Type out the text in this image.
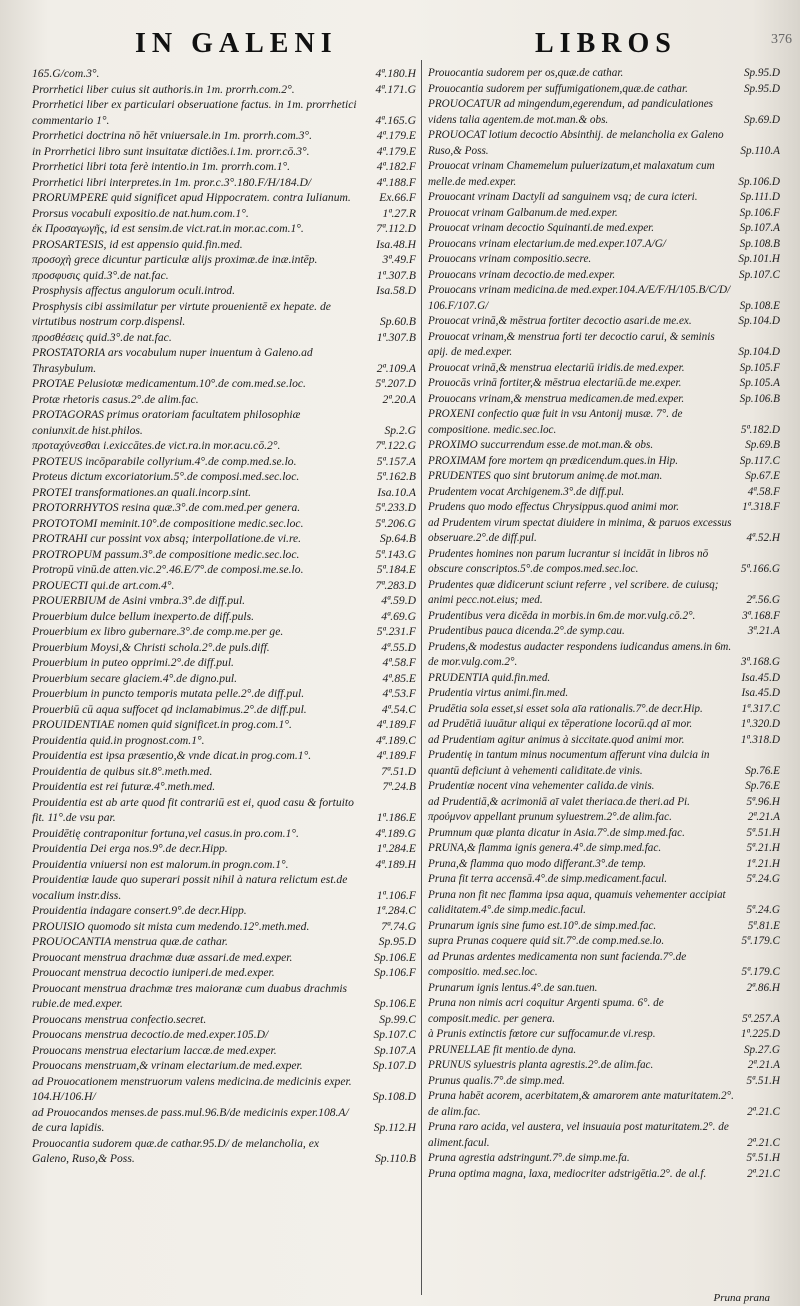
IN GALENI	LIBROS	376
165.G/com.3°.	4ª.180.H
Prorrhetici liber cuius sit authoris.in 1m. prorrh.com.2°.	4ª.171.G
Prorrhetici liber ex particulari obseruatione factus. in 1m. prorrhetici commentario 1°.	4ª.165.G
Prorrhetici doctrina nō hēt vniuersale.in 1m. prorrh.com.3°.	4ª.179.E
in Prorrhetici libro sunt insuitatæ dictiões.i.1m. prorr.cō.3°.	4ª.179.E
Prorrhetici libri tota ferè intentio.in 1m. prorrh.com.1°.	4ª.182.F
Prorrhetici libri interpretes.in 1m. pror.c.3°.180.F/H/184.D/	4ª.188.F
PRORUMPERE quid significet apud Hippocratem. contra Iulianum.	Ex.66.F
Prorsus vocabuli expositio.de nat.hum.com.1°.	1ª.27.R
ἐκ Προσαγωγῆς, id est sensim.de vict.rat.in mor.ac.com.1°.	7ª.112.D
PROSARTESIS, id est appensio quid.fin.med.	Isa.48.H
προσοχὴ grece dicuntur particulæ alijs proximæ.de inæ.intēp.	3ª.49.F
προσφυσις quid.3°.de nat.fac.	1ª.307.B
Prosphysis affectus angulorum oculi.introd.	Isa.58.D
Prosphysis cibi assimilatur per virtute prouenientē ex hepate. de virtutibus nostrum corp.dispensl.	Sp.60.B
προσθέσεις quid.3°.de nat.fac.	1ª.307.B
PROSTATORIA ars vocabulum nuper inuentum à Galeno.ad Thrasybulum.	2ª.109.A
PROTAE Pelusiotæ medicamentum.10°.de com.med.se.loc.	5ª.207.D
Protæ rhetoris casus.2°.de alim.fac.	2ª.20.A
PROTAGORAS primus oratoriam facultatem philosophiæ coniunxit.de hist.philos.	Sp.2.G
προταχύνεσθαι i.exiccātes.de vict.ra.in mor.acu.cō.2°.	7ª.122.G
PROTEUS incōparabile collyrium.4°.de comp.med.se.lo.	5ª.157.A
Proteus dictum excoriatorium.5°.de composi.med.sec.loc.	5ª.162.B
PROTEI transformationes.an quali.incorp.sint.	Isa.10.A
PROTORRHYTOS resina quæ.3°.de com.med.per genera.	5ª.233.D
PROTOTOMI meminit.10°.de compositione medic.sec.loc.	5ª.206.G
PROTRAHI cur possint vox absq; interpollatione.de vi.re.	Sp.64.B
PROTROPUM passum.3°.de compositione medic.sec.loc.	5ª.143.G
Protropū vinū.de atten.vic.2°.46.E/7°.de composi.me.se.lo.	5ª.184.E
PROUECTI qui.de art.com.4°.	7ª.283.D
PROUERBIUM de Asini vmbra.3°.de diff.pul.	4ª.59.D
Prouerbium dulce bellum inexperto.de diff.puls.	4ª.69.G
Prouerbium ex libro gubernare.3°.de comp.me.per ge.	5ª.231.F
Prouerbium Moysi,& Christi schola.2°.de puls.diff.	4ª.55.D
Prouerbium in puteo opprimi.2°.de diff.pul.	4ª.58.F
Prouerbium secare glaciem.4°.de digno.pul.	4ª.85.E
Prouerbium in puncto temporis mutata pelle.2°.de diff.pul.	4ª.53.F
Prouerbiū cū aqua suffocet qd inclamabimus.2°.de diff.pul.	4ª.54.C
PROUIDENTIAE nomen quid significet.in prog.com.1°.	4ª.189.F
Prouidentia quid.in prognost.com.1°.	4ª.189.C
Prouidentia est ipsa præsentio,& vnde dicat.in prog.com.1°.	4ª.189.F
Prouidentia de quibus sit.8°.meth.med.	7ª.51.D
Prouidentia est rei futuræ.4°.meth.med.	7ª.24.B
Prouidentia est ab arte quod fit contrariū est ei, quod casu & fortuito fit. 11°.de vsu par.	1ª.186.E
Prouidētię contraponitur fortuna,vel casus.in pro.com.1°.	4ª.189.G
Prouidentia Dei erga nos.9°.de decr.Hipp.	1ª.284.E
Prouidentia vniuersi non est malorum.in progn.com.1°.	4ª.189.H
Prouidentiæ laude quo superari possit nihil à natura relictum est.de vocalium instr.diss.	1ª.106.F
Prouidentia indagare consert.9°.de decr.Hipp.	1ª.284.C
PROUISIO quomodo sit mista cum medendo.12°.meth.med.	7ª.74.G
PROUOCANTIA menstrua quæ.de cathar.	Sp.95.D
Prouocant menstrua drachmæ duæ assari.de med.exper.	Sp.106.E
Prouocant menstrua decoctio iuniperi.de med.exper.	Sp.106.F
Prouocant menstrua drachmæ tres maioranæ cum duabus drachmis rubie.de med.exper.	Sp.106.E
Prouocans menstrua confectio.secret.	Sp.99.C
Prouocans menstrua decoctio.de med.exper.105.D/	Sp.107.C
Prouocans menstrua electarium laccæ.de med.exper.	Sp.107.A
Prouocans menstruam,& vrinam electarium.de med.exper.	Sp.107.D
ad Prouocationem menstruorum valens medicina.de medicinis exper. 104.H/106.H/	Sp.108.D
ad Prouocandos menses.de pass.mul.96.B/de medicinis exper.108.A/ de cura lapidis.	Sp.112.H
Prouocantia sudorem quæ.de cathar.95.D/ de melancholia, ex Galeno, Ruso,& Poss.	Sp.110.B
Prouocantia sudorem per os,quæ.de cathar.	Sp.95.D
Prouocantia sudorem per suffumigationem,quæ.de cathar.	Sp.95.D
PROUOCATUR ad mingendum,egerendum, ad pandiculationes videns talia agentem.de mot.man.& obs.	Sp.69.D
PROUOCAT lotium decoctio Absinthij. de melancholia ex Galeno Ruso,& Poss.	Sp.110.A
Prouocat vrinam Chamemelum puluerizatum,et malaxatum cum melle.de med.exper.	Sp.106.D
Prouocant vrinam Dactyli ad sanguinem vsq; de cura icteri.	Sp.111.D
Prouocat vrinam Galbanum.de med.exper.	Sp.106.F
Prouocat vrinam decoctio Squinanti.de med.exper.	Sp.107.A
Prouocans vrinam electarium.de med.exper.107.A/G/	Sp.108.B
Prouocans vrinam compositio.secre.	Sp.101.H
Prouocans vrinam decoctio.de med.exper.	Sp.107.C
Prouocans vrinam medicina.de med.exper.104.A/E/F/H/105.B/C/D/ 106.F/107.G/	Sp.108.E
Prouocat vrinā,& mēstrua fortiter decoctio asari.de me.ex.	Sp.104.D
Prouocat vrinam,& menstrua forti ter decoctio carui, & seminis apij. de med.exper.	Sp.104.D
Prouocat vrinā,& menstrua electariū iridis.de med.exper.	Sp.105.F
Prouocās vrinā fortiter,& mēstrua electariū.de me.exper.	Sp.105.A
Prouocans vrinam,& menstrua medicamen.de med.exper.	Sp.106.B
PROXENI confectio quæ fuit in vsu Antonij musæ. 7°. de compositione. medic.sec.loc.	5ª.182.D
PROXIMO succurrendum esse.de mot.man.& obs.	Sp.69.B
PROXIMAM fore mortem qn prædicendum.ques.in Hip.	Sp.117.C
PRUDENTES quo sint brutorum animę.de mot.man.	Sp.67.E
Prudentem vocat Archigenem.3°.de diff.pul.	4ª.58.F
Prudens quo modo effectus Chrysippus.quod animi mor.	1ª.318.F
ad Prudentem virum spectat diuidere in minima, & paruos excessus obseruare.2°.de diff.pul.	4ª.52.H
Prudentes homines non parum lucrantur si incidāt in libros nō obscure conscriptos.5°.de compos.med.sec.loc.	5ª.166.G
Prudentes quæ didicerunt sciunt referre , vel scribere. de cuiusq; animi pecc.not.eius; med.	2ª.56.G
Prudentibus vera dicēda in morbis.in 6m.de mor.vulg.cō.2°.	3ª.168.F
Prudentibus pauca dicenda.2°.de symp.cau.	3ª.21.A
Prudens,& modestus audacter respondens iudicandus amens.in 6m. de mor.vulg.com.2°.	3ª.168.G
PRUDENTIA quid.fin.med.	Isa.45.D
Prudentia virtus animi.fin.med.	Isa.45.D
Prudētia sola esset,si esset sola aīa rationalis.7°.de decr.Hip.	1ª.317.C
ad Prudētiā iuuātur aliqui ex tēperatione locorū.qd aī mor.	1ª.320.D
ad Prudentiam agitur animus à siccitate.quod animi mor.	1ª.318.D
Prudentię in tantum minus nocumentum afferunt vina dulcia in quantū deficiunt à vehementi caliditate.de vinis.	Sp.76.E
Prudentiæ nocent vina vehementer calida.de vinis.	Sp.76.E
ad Prudentiā,& acrimoniā aī valet theriaca.de theri.ad Pi.	5ª.96.H
προύμνον appellant prunum syluestrem.2°.de alim.fac.	2ª.21.A
Prumnum quæ planta dicatur in Asia.7°.de simp.med.fac.	5ª.51.H
PRUNA,& flamma ignis genera.4°.de simp.med.fac.	5ª.21.H
Pruna,& flamma quo modo differant.3°.de temp.	1ª.21.H
Pruna fit terra accensā.4°.de simp.medicament.facul.	5ª.24.G
Pruna non fit nec flamma ipsa aqua, quamuis vehementer accipiat caliditatem.4°.de simp.medic.facul.	5ª.24.G
Prunarum ignis sine fumo est.10°.de simp.med.fac.	5ª.81.E
supra Prunas coquere quid sit.7°.de comp.med.se.lo.	5ª.179.C
ad Prunas ardentes medicamenta non sunt facienda.7°.de compositio. med.sec.loc.	5ª.179.C
Prunarum ignis lentus.4°.de san.tuen.	2ª.86.H
Pruna non nimis acri coquitur Argenti spuma. 6°. de composit.medic. per genera.	5ª.257.A
à Prunis extinctis fœtore cur suffocamur.de vi.resp.	1ª.225.D
PRUNELLAE fit mentio.de dyna.	Sp.27.G
PRUNUS syluestris planta agrestis.2°.de alim.fac.	2ª.21.A
Prunus qualis.7°.de simp.med.	5ª.51.H
Pruna habēt acorem, acerbitatem,& amarorem ante maturitatem.2°. de alim.fac.	2ª.21.C
Pruna raro acida, vel austera, vel insuauia post maturitatem.2°. de aliment.facul.	2ª.21.C
Pruna agrestia adstringunt.7°.de simp.me.fa.	5ª.51.H
Pruna optima magna, laxa, mediocriter adstrigētia.2°. de al.f.	2ª.21.C
Pruna prana
